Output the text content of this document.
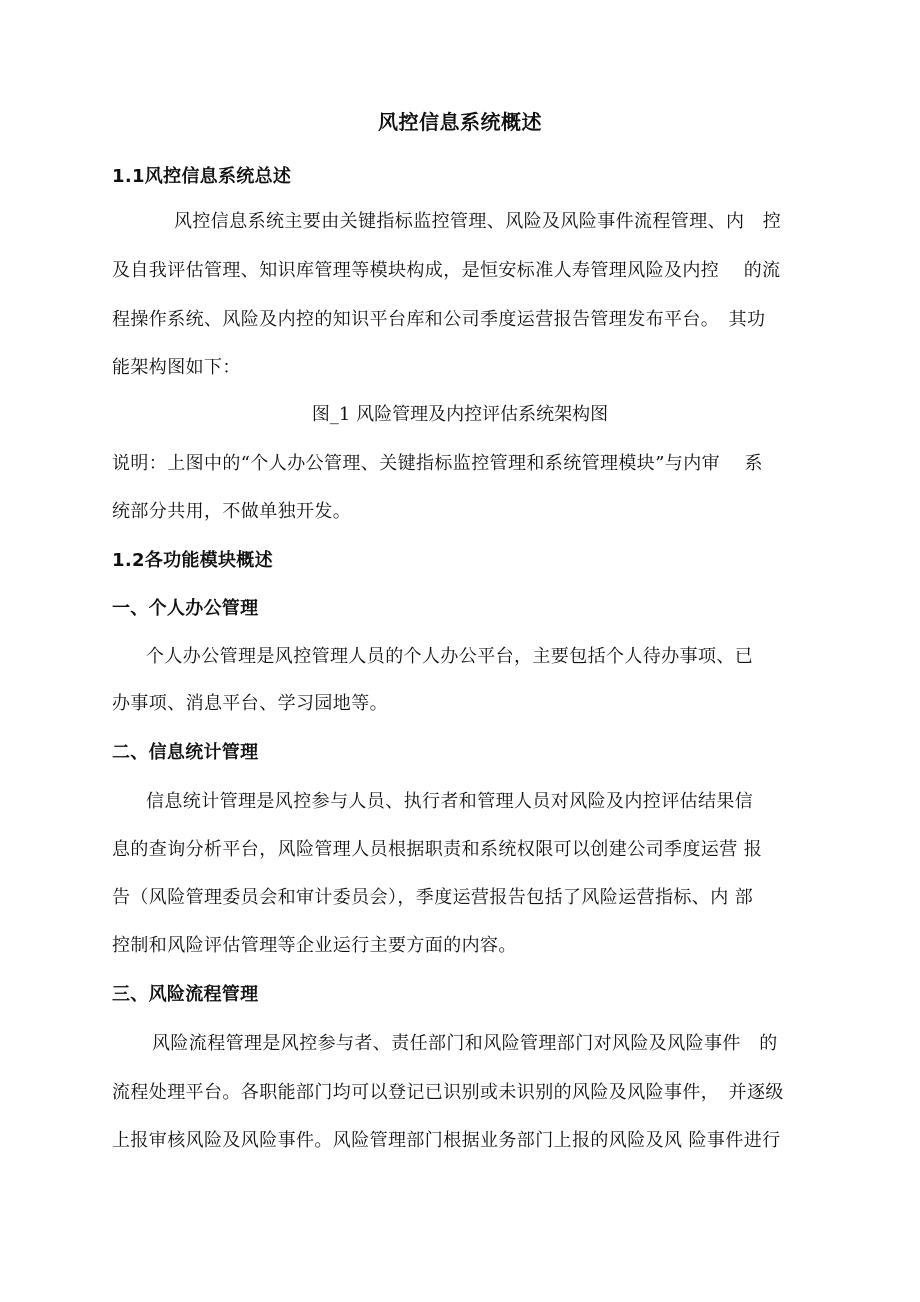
风控信息系统概述
1.1风控信息系统总述
风控信息系统主要由关键指标监控管理、风险及风险事件流程管理、内　控
及自我评估管理、知识库管理等模块构成，是恒安标准人寿管理风险及内控　 的流
程操作系统、风险及内控的知识平台库和公司季度运营报告管理发布平台。　其功
能架构图如下：
图_1 风险管理及内控评估系统架构图
说明：上图中的“个人办公管理、关键指标监控管理和系统管理模块”与内审　 系
统部分共用，不做单独开发。
1.2各功能模块概述
一、个人办公管理
个人办公管理是风控管理人员的个人办公平台，主要包括个人待办事项、已
办事项、消息平台、学习园地等。
二、信息统计管理
信息统计管理是风控参与人员、执行者和管理人员对风险及内控评估结果信
息的查询分析平台，风险管理人员根据职责和系统权限可以创建公司季度运营 报
告（风险管理委员会和审计委员会），季度运营报告包括了风险运营指标、内 部
控制和风险评估管理等企业运行主要方面的内容。
三、风险流程管理
风险流程管理是风控参与者、责任部门和风险管理部门对风险及风险事件　的
流程处理平台。各职能部门均可以登记已识别或未识别的风险及风险事件，　并逐级
上报审核风险及风险事件。风险管理部门根据业务部门上报的风险及风 险事件进行
